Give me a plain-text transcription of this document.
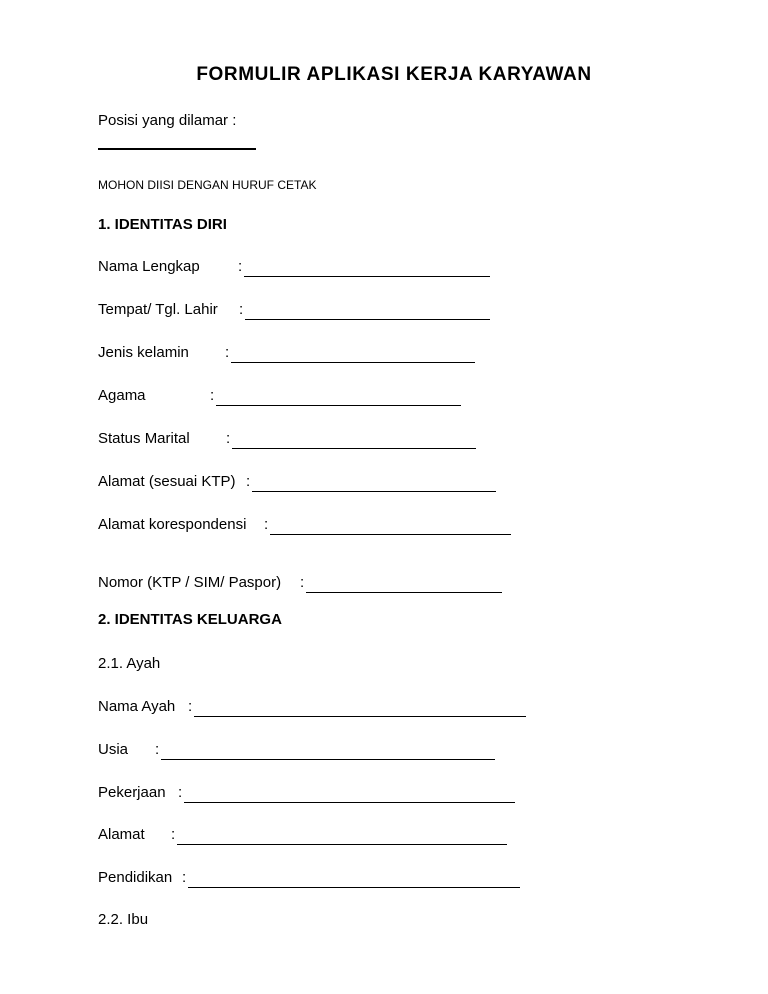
FORMULIR APLIKASI KERJA KARYAWAN
Posisi yang dilamar :
MOHON DIISI DENGAN HURUF CETAK
1. IDENTITAS DIRI
Nama Lengkap	:
Tempat/ Tgl. Lahir :
Jenis kelamin :
Agama	:
Status Marital :
Alamat (sesuai KTP) :
Alamat korespondensi :
Nomor (KTP / SIM/ Paspor) :
2. IDENTITAS KELUARGA
2.1. Ayah
Nama Ayah :
Usia :
Pekerjaan :
Alamat :
Pendidikan :
2.2. Ibu
